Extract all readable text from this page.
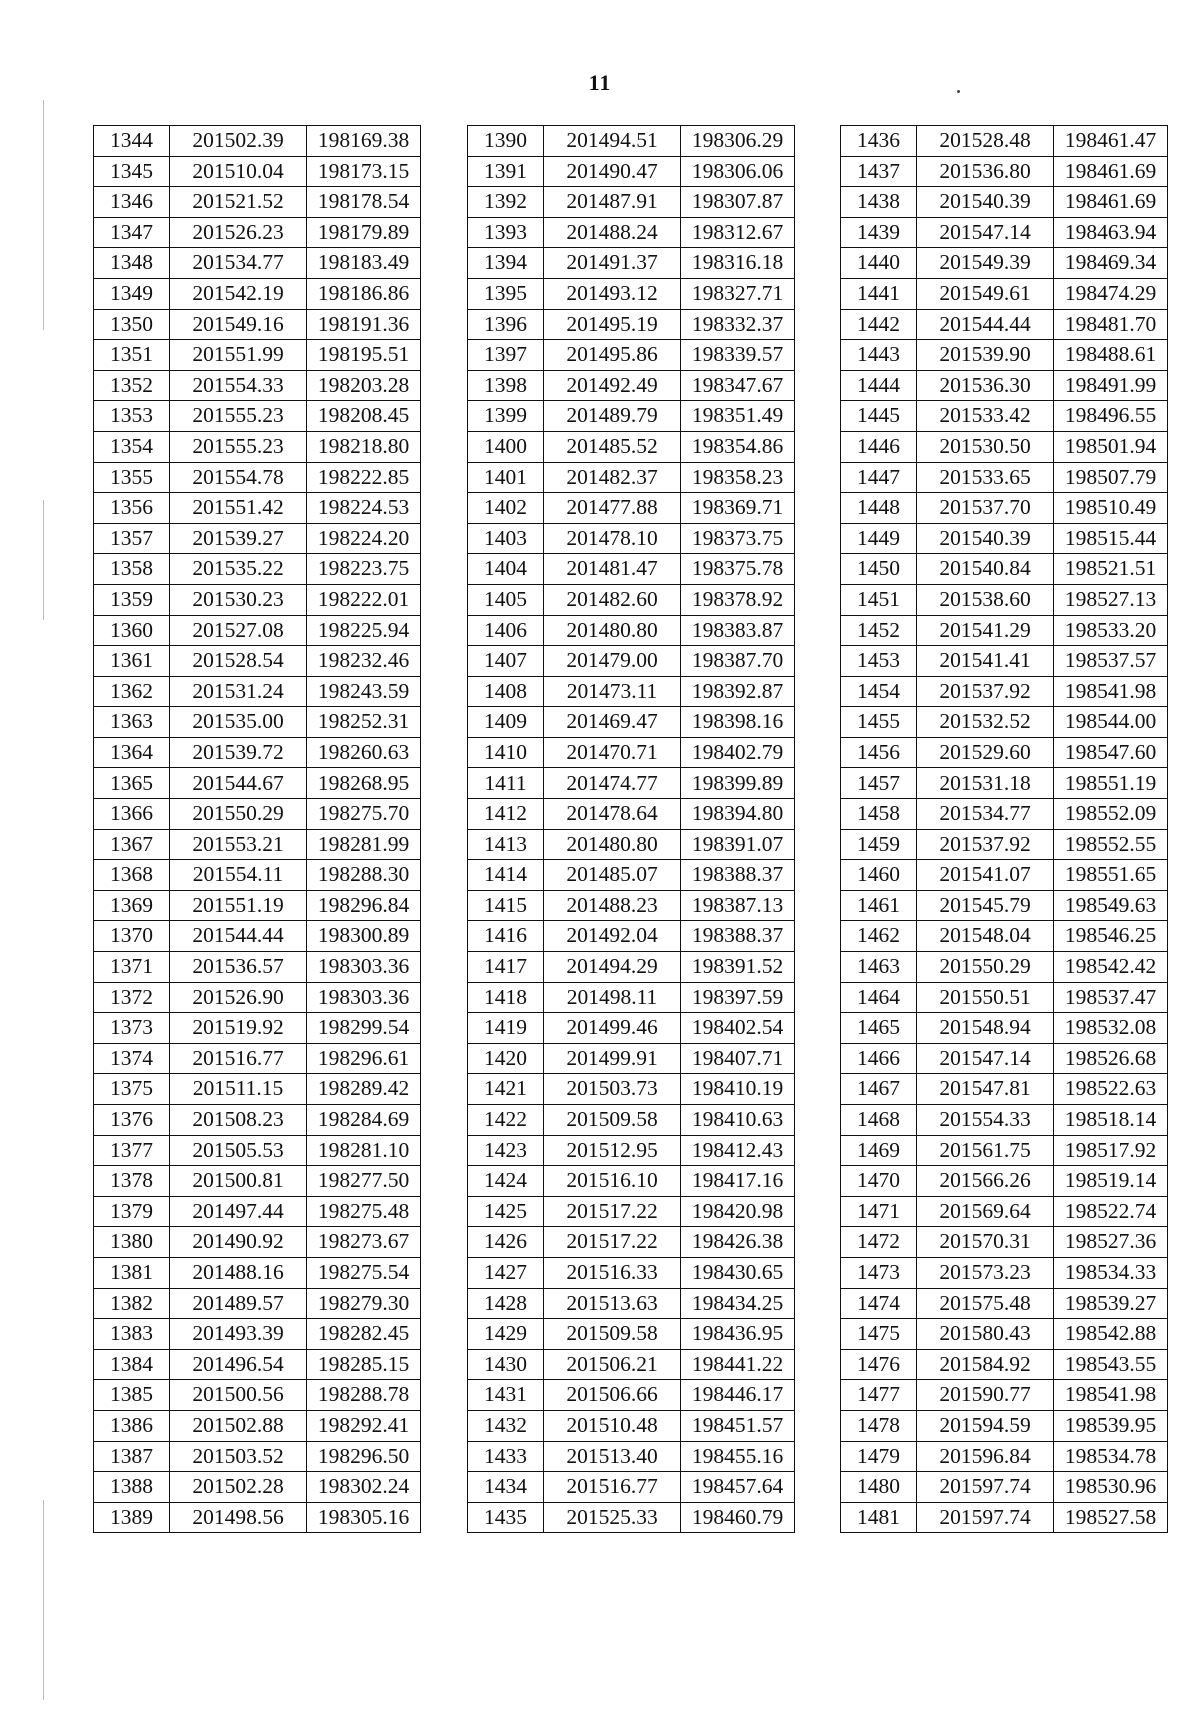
11
1344	201502.39	198169.38
1345	201510.04	198173.15
1346	201521.52	198178.54
1347	201526.23	198179.89
1348	201534.77	198183.49
1349	201542.19	198186.86
1350	201549.16	198191.36
1351	201551.99	198195.51
1352	201554.33	198203.28
1353	201555.23	198208.45
1354	201555.23	198218.80
1355	201554.78	198222.85
1356	201551.42	198224.53
1357	201539.27	198224.20
1358	201535.22	198223.75
1359	201530.23	198222.01
1360	201527.08	198225.94
1361	201528.54	198232.46
1362	201531.24	198243.59
1363	201535.00	198252.31
1364	201539.72	198260.63
1365	201544.67	198268.95
1366	201550.29	198275.70
1367	201553.21	198281.99
1368	201554.11	198288.30
1369	201551.19	198296.84
1370	201544.44	198300.89
1371	201536.57	198303.36
1372	201526.90	198303.36
1373	201519.92	198299.54
1374	201516.77	198296.61
1375	201511.15	198289.42
1376	201508.23	198284.69
1377	201505.53	198281.10
1378	201500.81	198277.50
1379	201497.44	198275.48
1380	201490.92	198273.67
1381	201488.16	198275.54
1382	201489.57	198279.30
1383	201493.39	198282.45
1384	201496.54	198285.15
1385	201500.56	198288.78
1386	201502.88	198292.41
1387	201503.52	198296.50
1388	201502.28	198302.24
1389	201498.56	198305.16
1390	201494.51	198306.29
1391	201490.47	198306.06
1392	201487.91	198307.87
1393	201488.24	198312.67
1394	201491.37	198316.18
1395	201493.12	198327.71
1396	201495.19	198332.37
1397	201495.86	198339.57
1398	201492.49	198347.67
1399	201489.79	198351.49
1400	201485.52	198354.86
1401	201482.37	198358.23
1402	201477.88	198369.71
1403	201478.10	198373.75
1404	201481.47	198375.78
1405	201482.60	198378.92
1406	201480.80	198383.87
1407	201479.00	198387.70
1408	201473.11	198392.87
1409	201469.47	198398.16
1410	201470.71	198402.79
1411	201474.77	198399.89
1412	201478.64	198394.80
1413	201480.80	198391.07
1414	201485.07	198388.37
1415	201488.23	198387.13
1416	201492.04	198388.37
1417	201494.29	198391.52
1418	201498.11	198397.59
1419	201499.46	198402.54
1420	201499.91	198407.71
1421	201503.73	198410.19
1422	201509.58	198410.63
1423	201512.95	198412.43
1424	201516.10	198417.16
1425	201517.22	198420.98
1426	201517.22	198426.38
1427	201516.33	198430.65
1428	201513.63	198434.25
1429	201509.58	198436.95
1430	201506.21	198441.22
1431	201506.66	198446.17
1432	201510.48	198451.57
1433	201513.40	198455.16
1434	201516.77	198457.64
1435	201525.33	198460.79
1436	201528.48	198461.47
1437	201536.80	198461.69
1438	201540.39	198461.69
1439	201547.14	198463.94
1440	201549.39	198469.34
1441	201549.61	198474.29
1442	201544.44	198481.70
1443	201539.90	198488.61
1444	201536.30	198491.99
1445	201533.42	198496.55
1446	201530.50	198501.94
1447	201533.65	198507.79
1448	201537.70	198510.49
1449	201540.39	198515.44
1450	201540.84	198521.51
1451	201538.60	198527.13
1452	201541.29	198533.20
1453	201541.41	198537.57
1454	201537.92	198541.98
1455	201532.52	198544.00
1456	201529.60	198547.60
1457	201531.18	198551.19
1458	201534.77	198552.09
1459	201537.92	198552.55
1460	201541.07	198551.65
1461	201545.79	198549.63
1462	201548.04	198546.25
1463	201550.29	198542.42
1464	201550.51	198537.47
1465	201548.94	198532.08
1466	201547.14	198526.68
1467	201547.81	198522.63
1468	201554.33	198518.14
1469	201561.75	198517.92
1470	201566.26	198519.14
1471	201569.64	198522.74
1472	201570.31	198527.36
1473	201573.23	198534.33
1474	201575.48	198539.27
1475	201580.43	198542.88
1476	201584.92	198543.55
1477	201590.77	198541.98
1478	201594.59	198539.95
1479	201596.84	198534.78
1480	201597.74	198530.96
1481	201597.74	198527.58
